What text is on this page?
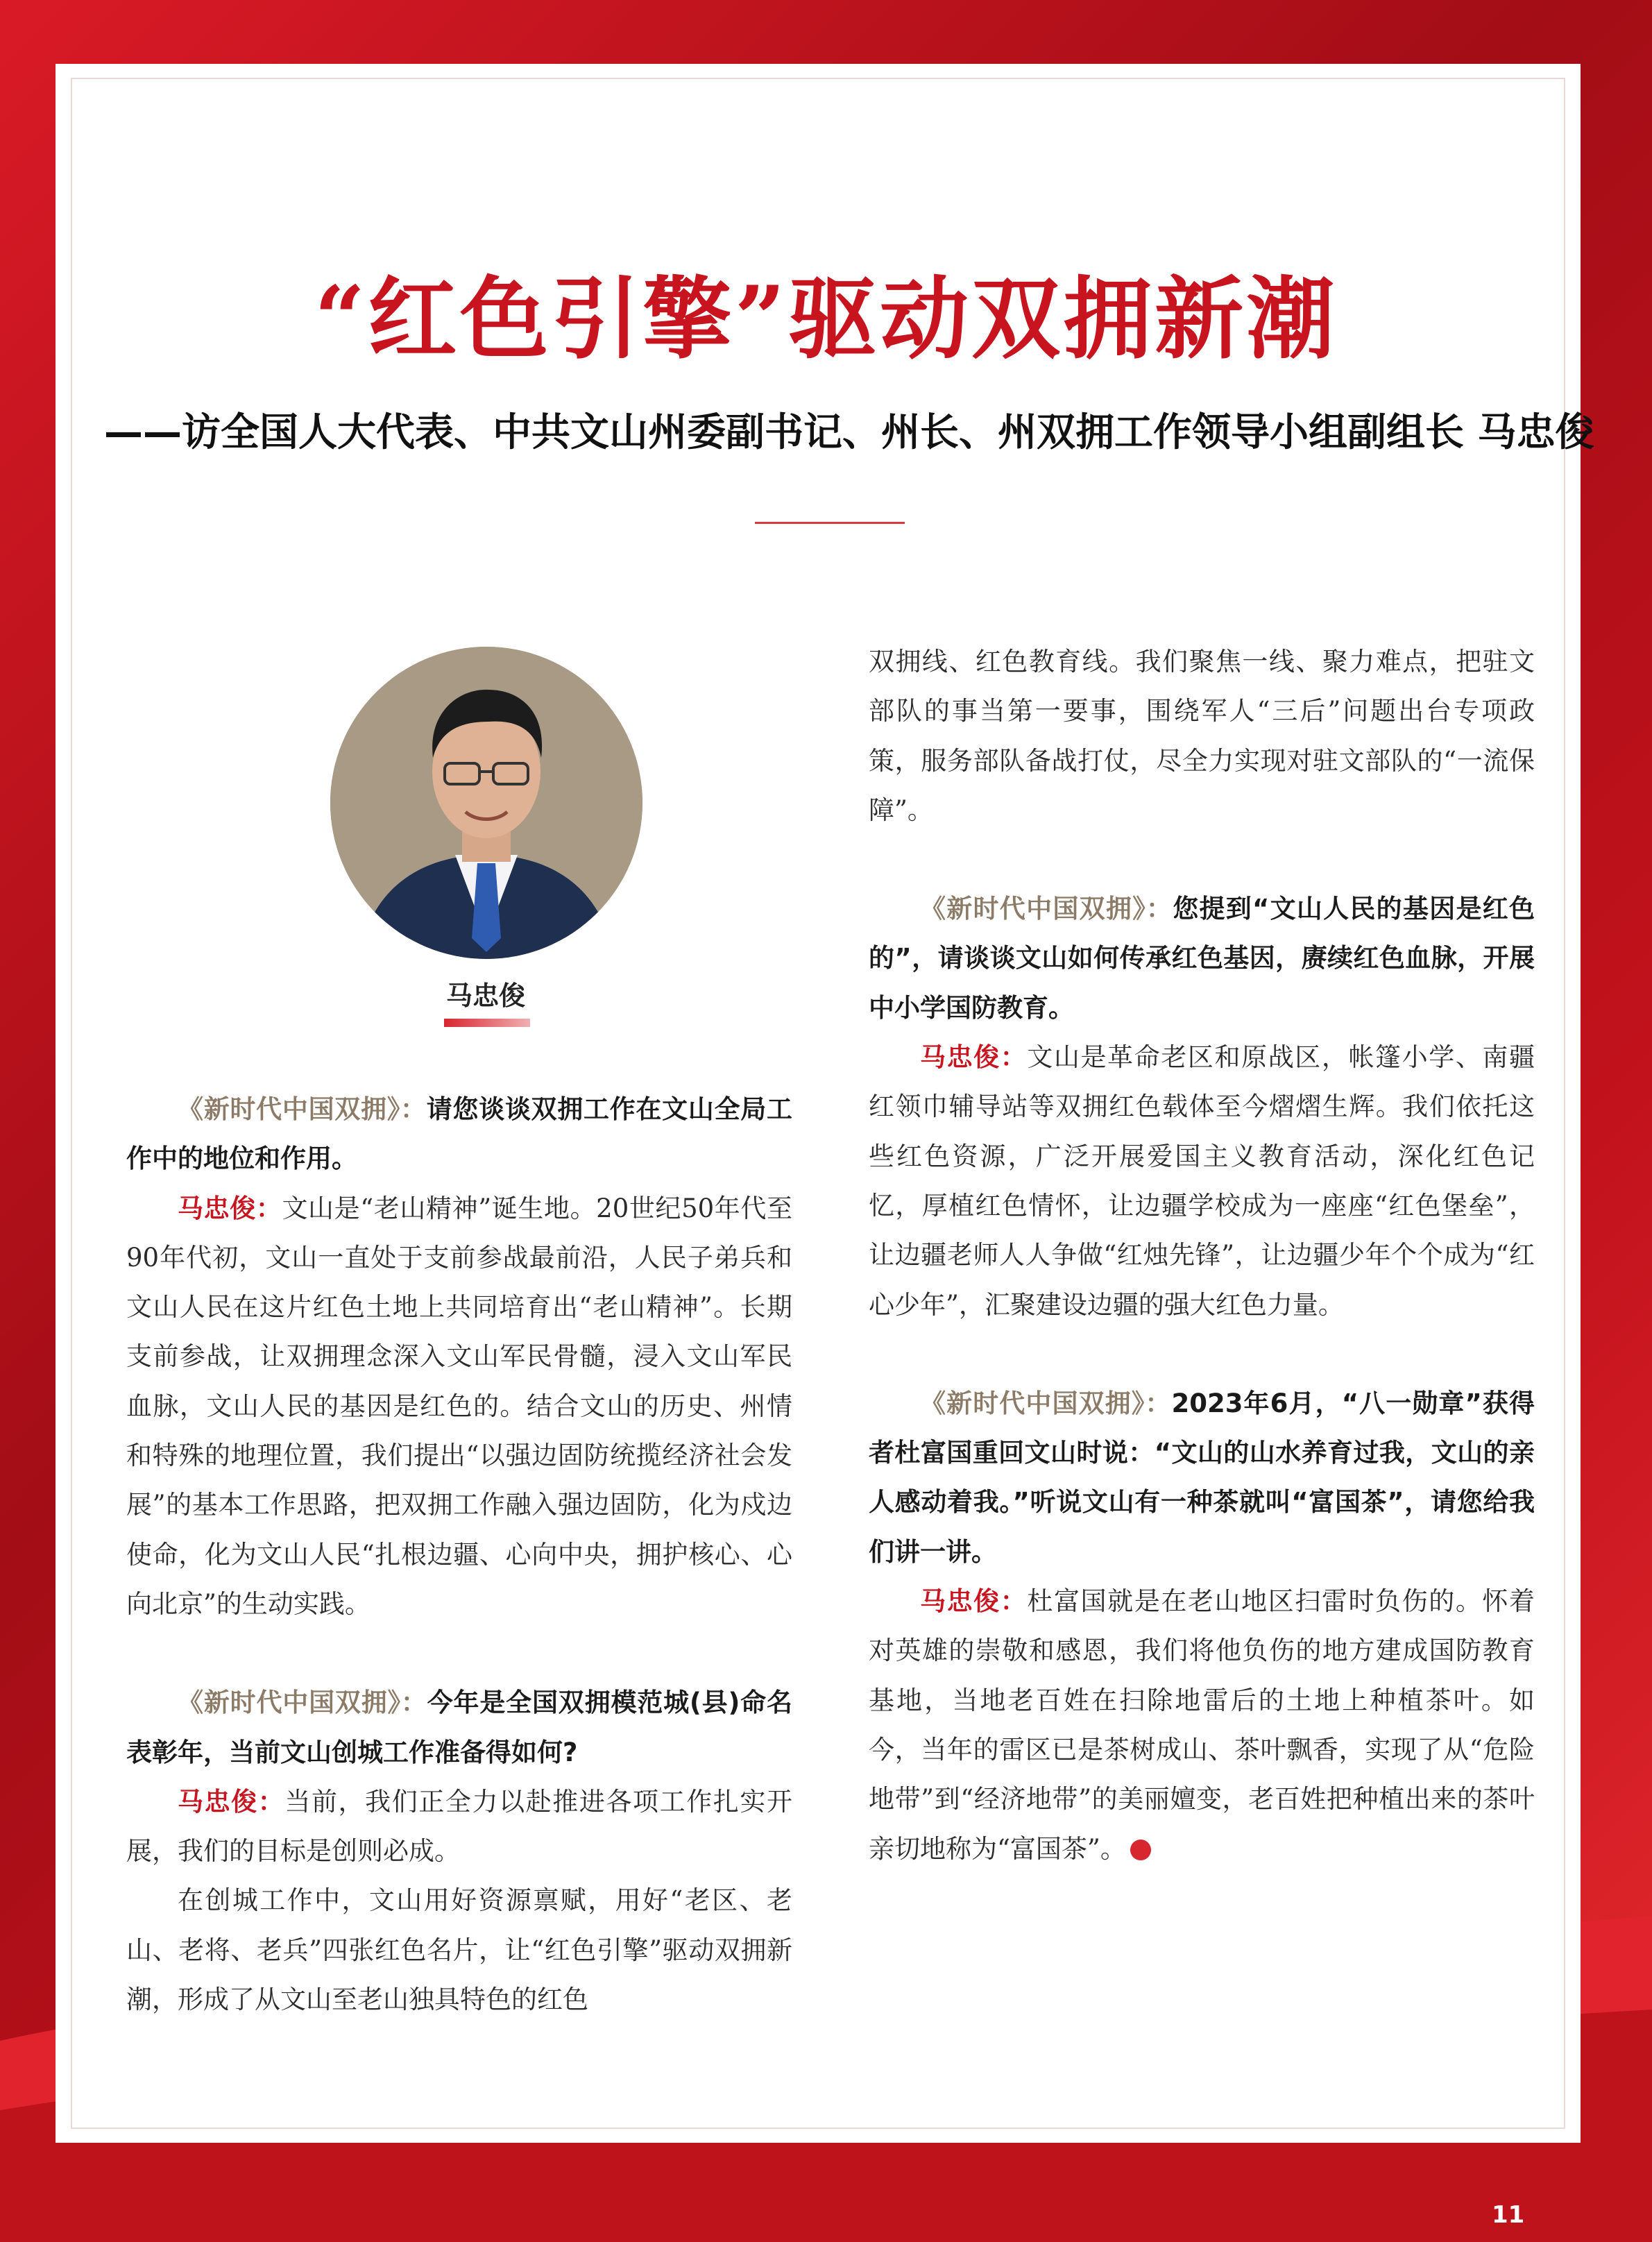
“红色引擎”驱动双拥新潮

——访全国人大代表、中共文山州委副书记、州长、州双拥工作领导小组副组长 马忠俊

马忠俊

《新时代中国双拥》：请您谈谈双拥工作在文山全局工作中的地位和作用。

马忠俊：文山是“老山精神”诞生地。20世纪50年代至90年代初，文山一直处于支前参战最前沿，人民子弟兵和文山人民在这片红色土地上共同培育出“老山精神”。长期支前参战，让双拥理念深入文山军民骨髓，浸入文山军民血脉，文山人民的基因是红色的。结合文山的历史、州情和特殊的地理位置，我们提出“以强边固防统揽经济社会发展”的基本工作思路，把双拥工作融入强边固防，化为戍边使命，化为文山人民“扎根边疆、心向中央，拥护核心、心向北京”的生动实践。

《新时代中国双拥》：今年是全国双拥模范城(县)命名表彰年，当前文山创城工作准备得如何?

马忠俊：当前，我们正全力以赴推进各项工作扎实开展，我们的目标是创则必成。

在创城工作中，文山用好资源禀赋，用好“老区、老山、老将、老兵”四张红色名片，让“红色引擎”驱动双拥新潮，形成了从文山至老山独具特色的红色

双拥线、红色教育线。我们聚焦一线、聚力难点，把驻文部队的事当第一要事，围绕军人“三后”问题出台专项政策，服务部队备战打仗，尽全力实现对驻文部队的“一流保障”。

《新时代中国双拥》：您提到“文山人民的基因是红色的”，请谈谈文山如何传承红色基因，赓续红色血脉，开展中小学国防教育。

马忠俊：文山是革命老区和原战区，帐篷小学、南疆红领巾辅导站等双拥红色载体至今熠熠生辉。我们依托这些红色资源，广泛开展爱国主义教育活动，深化红色记忆，厚植红色情怀，让边疆学校成为一座座“红色堡垒”，让边疆老师人人争做“红烛先锋”，让边疆少年个个成为“红心少年”，汇聚建设边疆的强大红色力量。

《新时代中国双拥》：2023年6月，“八一勋章”获得者杜富国重回文山时说：“文山的山水养育过我，文山的亲人感动着我。”听说文山有一种茶就叫“富国茶”，请您给我们讲一讲。

马忠俊：杜富国就是在老山地区扫雷时负伤的。怀着对英雄的崇敬和感恩，我们将他负伤的地方建成国防教育基地，当地老百姓在扫除地雷后的土地上种植茶叶。如今，当年的雷区已是茶树成山、茶叶飘香，实现了从“危险地带”到“经济地带”的美丽嬗变，老百姓把种植出来的茶叶亲切地称为“富国茶”。

11
